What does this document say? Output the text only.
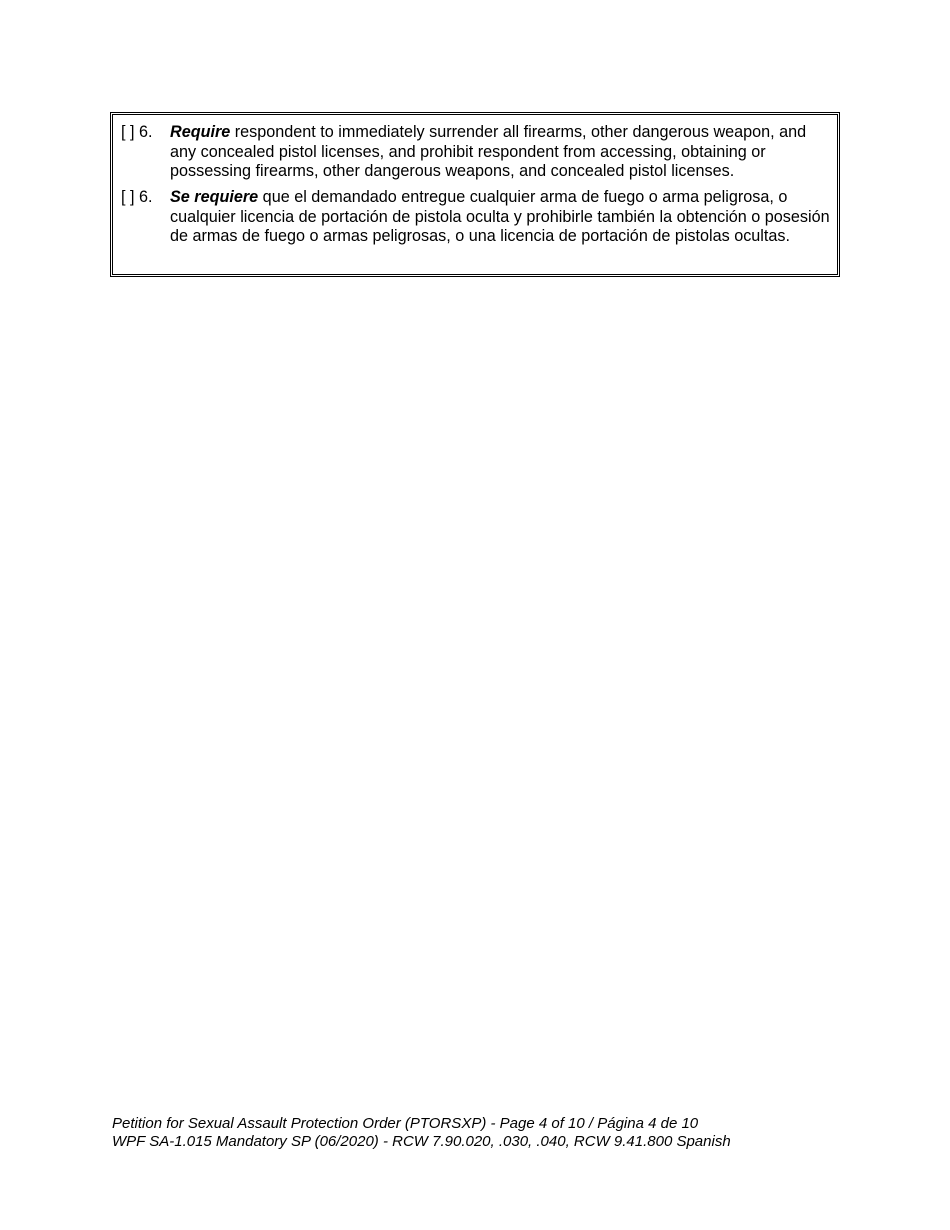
[ ] 6. Require respondent to immediately surrender all firearms, other dangerous weapon, and any concealed pistol licenses, and prohibit respondent from accessing, obtaining or possessing firearms, other dangerous weapons, and concealed pistol licenses.
[ ] 6. Se requiere que el demandado entregue cualquier arma de fuego o arma peligrosa, o cualquier licencia de portación de pistola oculta y prohibirle también la obtención o posesión de armas de fuego o armas peligrosas, o una licencia de portación de pistolas ocultas.
Petition for Sexual Assault Protection Order (PTORSXP) - Page 4 of 10 / Página 4 de 10
WPF SA-1.015 Mandatory SP (06/2020) - RCW 7.90.020, .030, .040, RCW 9.41.800 Spanish
